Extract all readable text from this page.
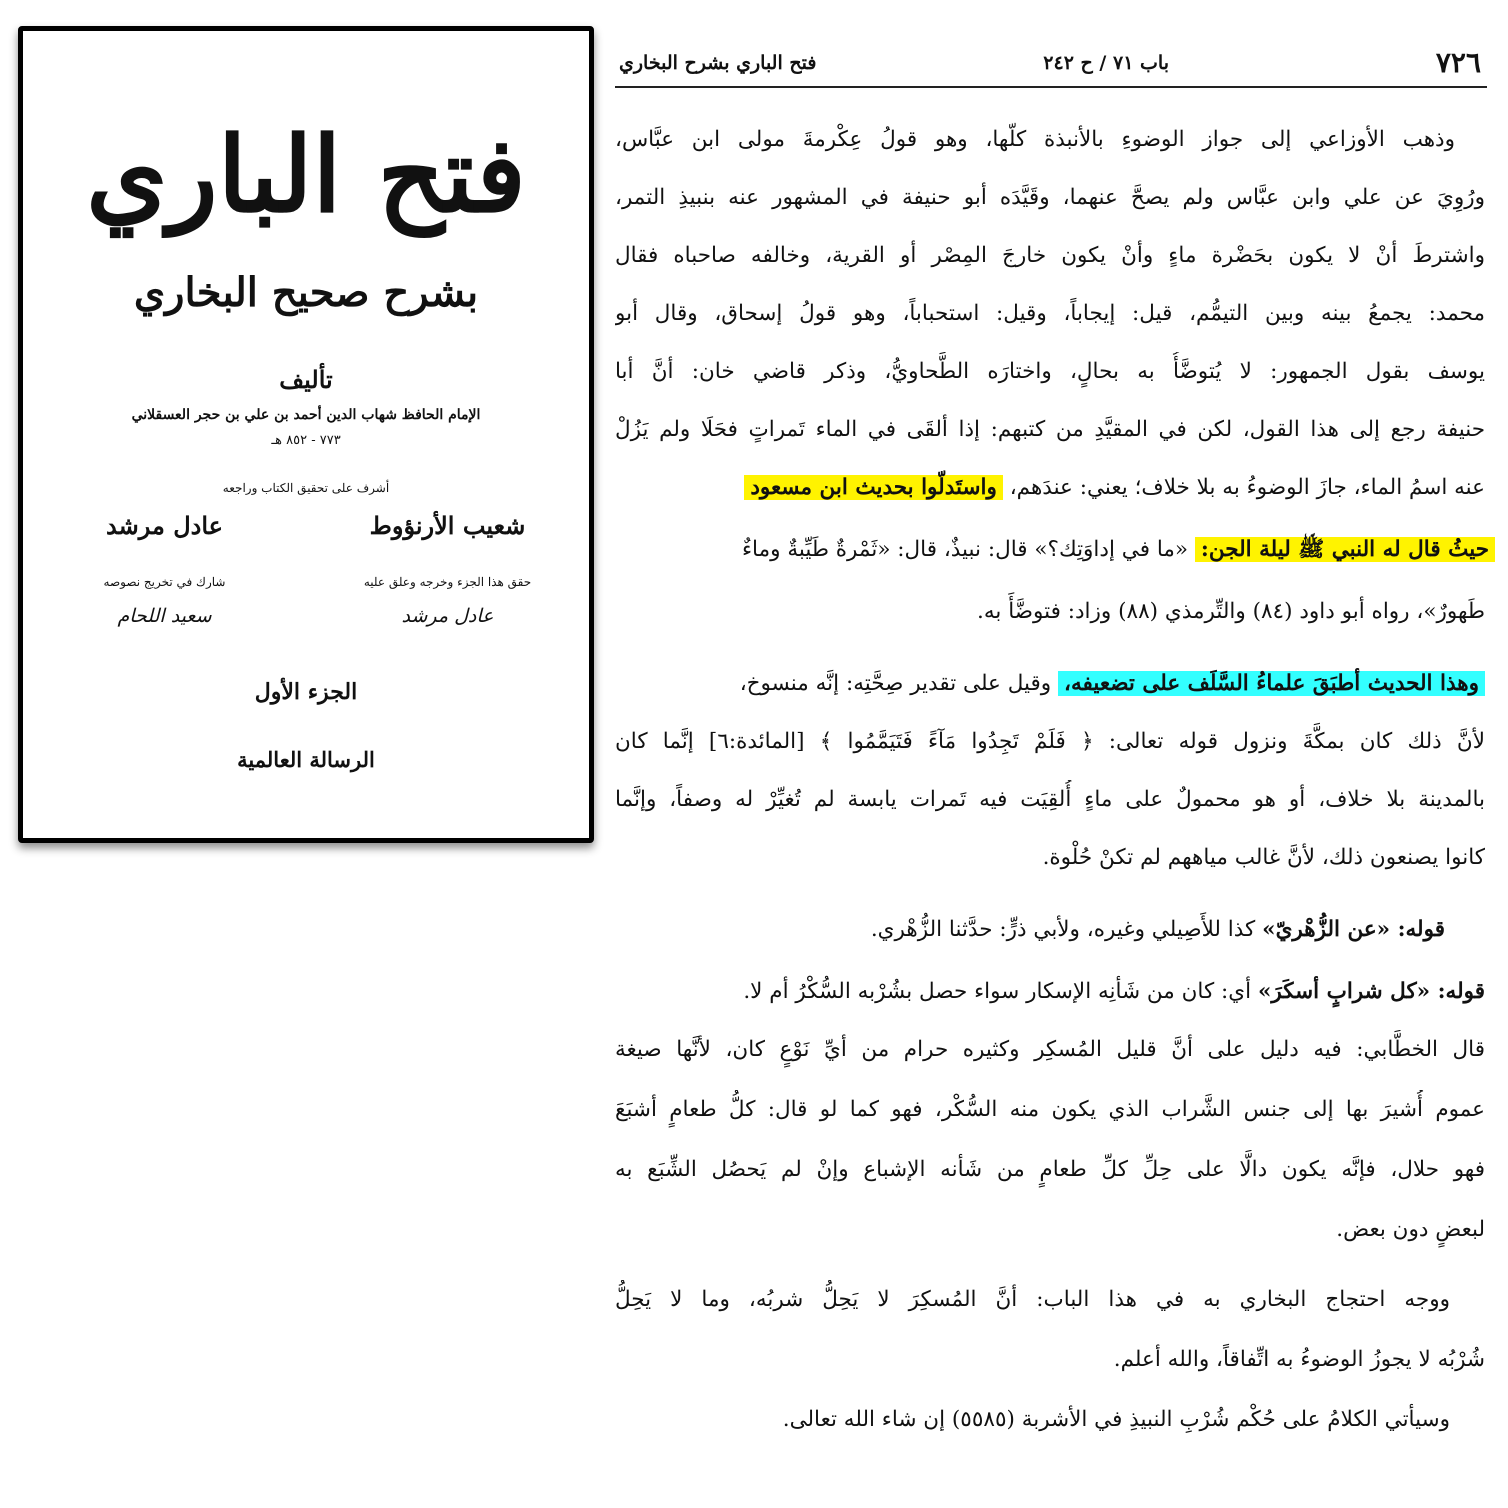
فتح الباري
بشرح صحيح البخاري
تأليف
الإمام الحافظ شهاب الدين أحمد بن علي بن حجر العسقلاني
٧٧٣ - ٨٥٢ هـ
أشرف على تحقيق الكتاب وراجعه
شعيب الأرنؤوط
عادل مرشد
حقق هذا الجزء وخرجه وعلق عليه
شارك في تخريج نصوصه
عادل مرشد
سعيد اللحام
الجزء الأول
الرسالة العالمية
٧٢٦
باب ٧١ / ح ٢٤٢
فتح الباري بشرح البخاري
وذهب الأوزاعي إلى جواز الوضوءِ بالأنبذة كلّها، وهو قولُ عِكْرمةَ مولى ابن عبَّاس،
ورُوِيَ عن علي وابن عبَّاس ولم يصحَّ عنهما، وقَيَّدَه أبو حنيفة في المشهور عنه بنبيذِ التمر،
واشترطَ أنْ لا يكون بحَضْرة ماءٍ وأنْ يكون خارجَ المِصْر أو القرية، وخالفه صاحباه فقال
محمد: يجمعُ بينه وبين التيمُّم، قيل: إيجاباً، وقيل: استحباباً، وهو قولُ إسحاق، وقال أبو
يوسف بقول الجمهور: لا يُتوضَّأُ به بحالٍ، واختارَه الطَّحاويُّ، وذكر قاضي خان: أنَّ أبا
حنيفة رجع إلى هذا القول، لكن في المقيَّدِ من كتبهم: إذا ألقَى في الماء تَمراتٍ فحَلَا ولم يَزُلْ
عنه اسمُ الماء، جازَ الوضوءُ به بلا خلاف؛ يعني: عندَهم، واستَدلّوا بحديث ابن مسعود
حيثُ قال له النبي ﷺ ليلة الجن: «ما في إداوَتِك؟» قال: نبيذٌ، قال: «ثَمْرةٌ طَيِّبةٌ وماءٌ
طَهورٌ»، رواه أبو داود (٨٤) والتِّرمذي (٨٨) وزاد: فتوضَّأَ به.
وهذا الحديث أطبَقَ علماءُ السَّلَف على تضعيفه، وقيل على تقدير صِحَّتِه: إنَّه منسوخ،
لأنَّ ذلك كان بمكَّةَ ونزول قوله تعالى: ﴿ فَلَمْ تَجِدُوا مَآءً فَتَيَمَّمُوا ﴾ [المائدة:٦] إنَّما كان
بالمدينة بلا خلاف، أو هو محمولٌ على ماءٍ أُلقِيَت فيه تَمرات يابسة لم تُغيِّرْ له وصفاً، وإنَّما
كانوا يصنعون ذلك، لأنَّ غالب مياههم لم تكنْ حُلْوة.
قوله: «عن الزُّهْريّ» كذا للأَصِيلي وغيره، ولأبي ذرٍّ: حدَّثنا الزُّهْري.
قوله: «كل شرابٍ أسكَرَ» أي: كان من شَأنِه الإسكار سواء حصل بشُرْبه السُّكْرُ أم لا.
قال الخطَّابي: فيه دليل على أنَّ قليل المُسكِر وكثيره حرام من أيِّ نَوْعٍ كان، لأنَّها صيغة
عموم أُشيرَ بها إلى جنس الشَّراب الذي يكون منه السُّكْر، فهو كما لو قال: كلُّ طعامٍ أشبَعَ
فهو حلال، فإنَّه يكون دالًّا على حِلِّ كلِّ طعامٍ من شَأنه الإشباع وإنْ لم يَحصُل الشِّبَع به
لبعضٍ دون بعض.
ووجه احتجاج البخاري به في هذا الباب: أنَّ المُسكِرَ لا يَحِلُّ شربُه، وما لا يَحِلُّ
شُرْبُه لا يجوزُ الوضوءُ به اتِّفاقاً، والله أعلم.
وسيأتي الكلامُ على حُكْم شُرْبِ النبيذِ في الأشربة (٥٥٨٥) إن شاء الله تعالى.
